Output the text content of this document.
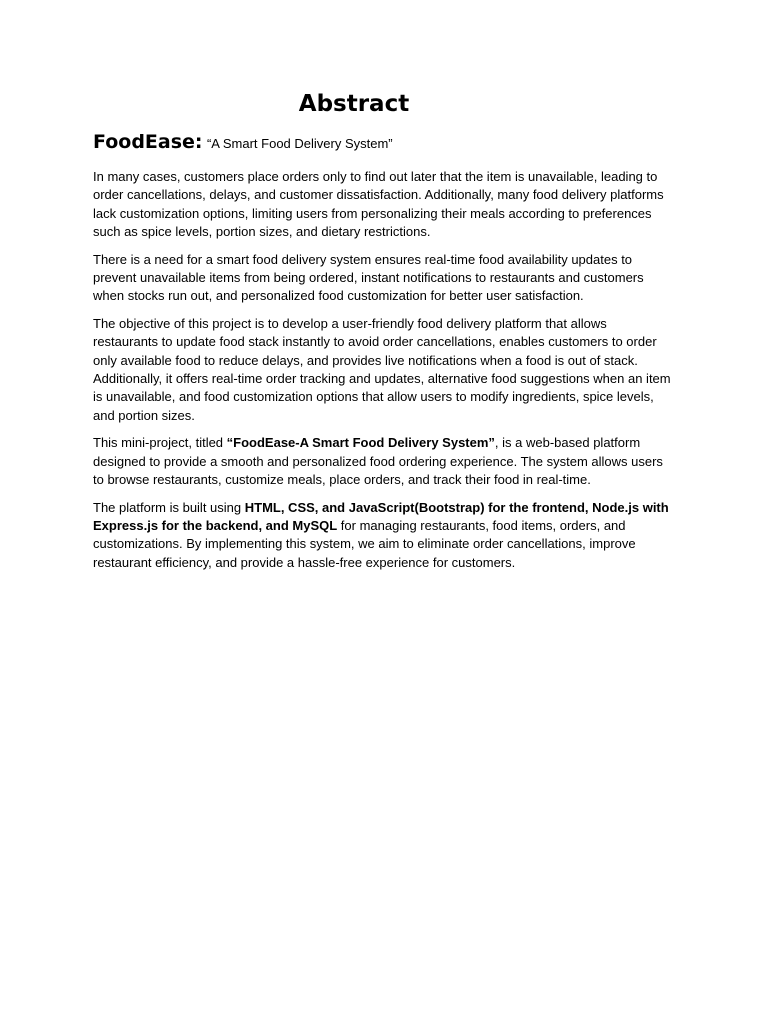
Abstract
FoodEase: “A Smart Food Delivery System”

In many cases, customers place orders only to find out later that the item is unavailable, leading to order cancellations, delays, and customer dissatisfaction. Additionally, many food delivery platforms lack customization options, limiting users from personalizing their meals according to preferences such as spice levels, portion sizes, and dietary restrictions.

There is a need for a smart food delivery system ensures real-time food availability updates to prevent unavailable items from being ordered, instant notifications to restaurants and customers when stocks run out, and personalized food customization for better user satisfaction.

The objective of this project is to develop a user-friendly food delivery platform that allows restaurants to update food stack instantly to avoid order cancellations, enables customers to order only available food to reduce delays, and provides live notifications when a food is out of stack. Additionally, it offers real-time order tracking and updates, alternative food suggestions when an item is unavailable, and food customization options that allow users to modify ingredients, spice levels, and portion sizes.

This mini-project, titled “FoodEase-A Smart Food Delivery System”, is a web-based platform designed to provide a smooth and personalized food ordering experience. The system allows users to browse restaurants, customize meals, place orders, and track their food in real-time.

The platform is built using HTML, CSS, and JavaScript(Bootstrap) for the frontend, Node.js with Express.js for the backend, and MySQL for managing restaurants, food items, orders, and customizations. By implementing this system, we aim to eliminate order cancellations, improve restaurant efficiency, and provide a hassle-free experience for customers.
